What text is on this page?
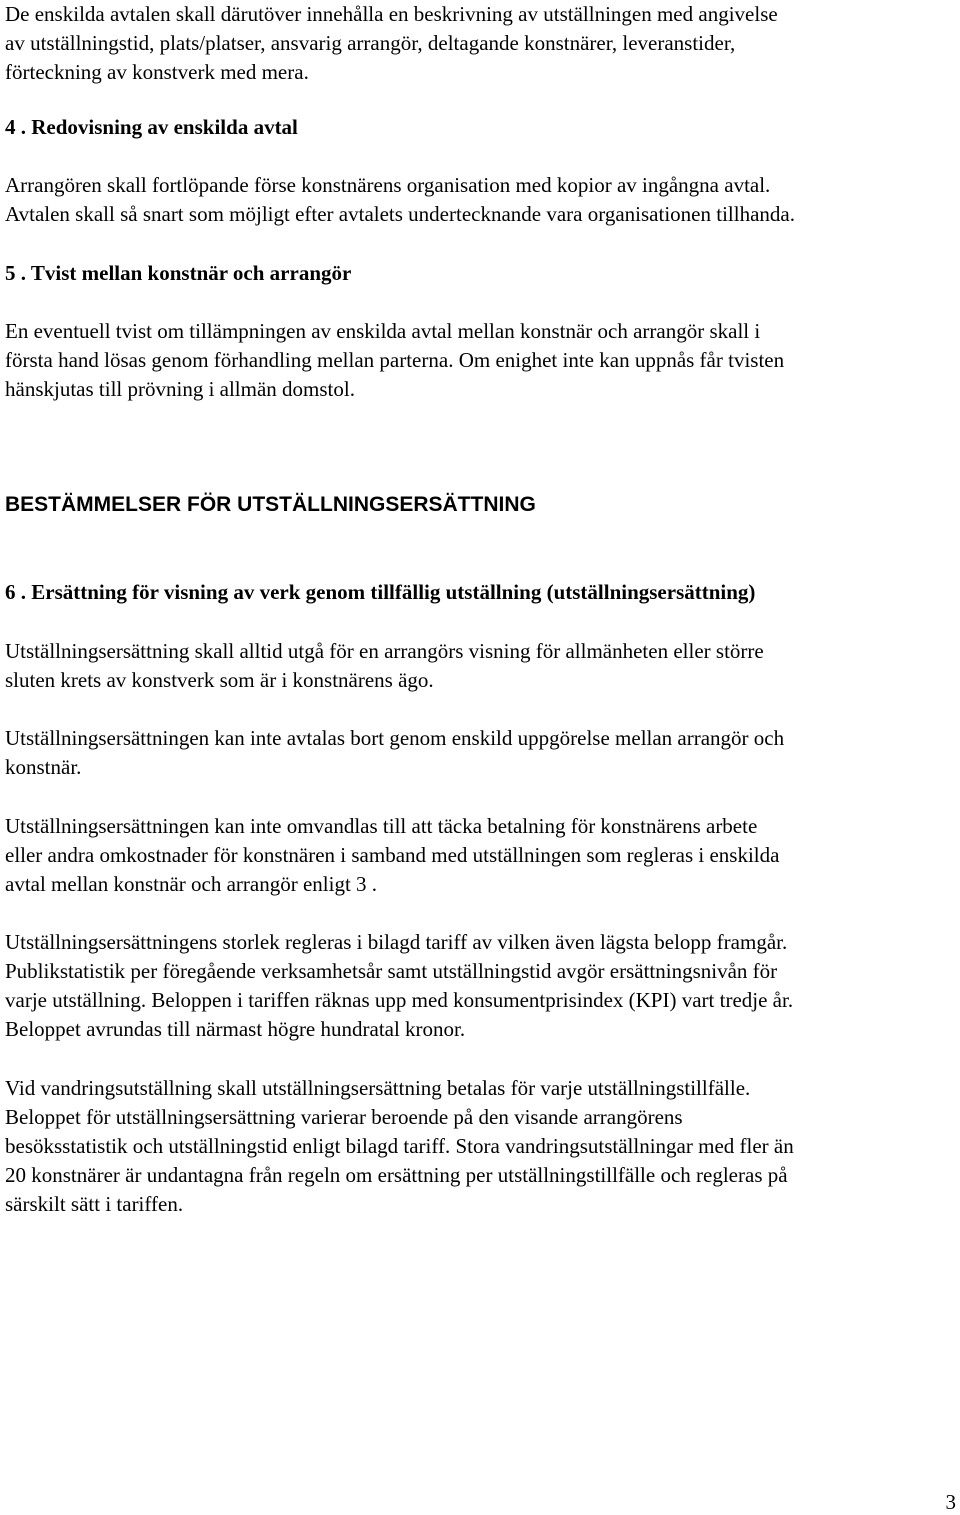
De enskilda avtalen skall därutöver innehålla en beskrivning av utställningen med angivelse
av utställningstid, plats/platser, ansvarig arrangör, deltagande konstnärer, leveranstider,
förteckning av konstverk med mera.

4 . Redovisning av enskilda avtal

Arrangören skall fortlöpande förse konstnärens organisation med kopior av ingångna avtal.
Avtalen skall så snart som möjligt efter avtalets undertecknande vara organisationen tillhanda.

5 . Tvist mellan konstnär och arrangör

En eventuell tvist om tillämpningen av enskilda avtal mellan konstnär och arrangör skall i
första hand lösas genom förhandling mellan parterna. Om enighet inte kan uppnås får tvisten
hänskjutas till prövning i allmän domstol.

BESTÄMMELSER FÖR UTSTÄLLNINGSERSÄTTNING

6 . Ersättning för visning av verk genom tillfällig utställning (utställningsersättning)

Utställningsersättning skall alltid utgå för en arrangörs visning för allmänheten eller större
sluten krets av konstverk som är i konstnärens ägo.

Utställningsersättningen kan inte avtalas bort genom enskild uppgörelse mellan arrangör och
konstnär.

Utställningsersättningen kan inte omvandlas till att täcka betalning för konstnärens arbete
eller andra omkostnader för konstnären i samband med utställningen som regleras i enskilda
avtal mellan konstnär och arrangör enligt 3 .

Utställningsersättningens storlek regleras i bilagd tariff av vilken även lägsta belopp framgår.
Publikstatistik per föregående verksamhetsår samt utställningstid avgör ersättningsnivån för
varje utställning. Beloppen i tariffen räknas upp med konsumentprisindex (KPI) vart tredje år.
Beloppet avrundas till närmast högre hundratal kronor.

Vid vandringsutställning skall utställningsersättning betalas för varje utställningstillfälle.
Beloppet för utställningsersättning varierar beroende på den visande arrangörens
besöksstatistik och utställningstid enligt bilagd tariff. Stora vandringsutställningar med fler än
20 konstnärer är undantagna från regeln om ersättning per utställningstillfälle och regleras på
särskilt sätt i tariffen.

3
